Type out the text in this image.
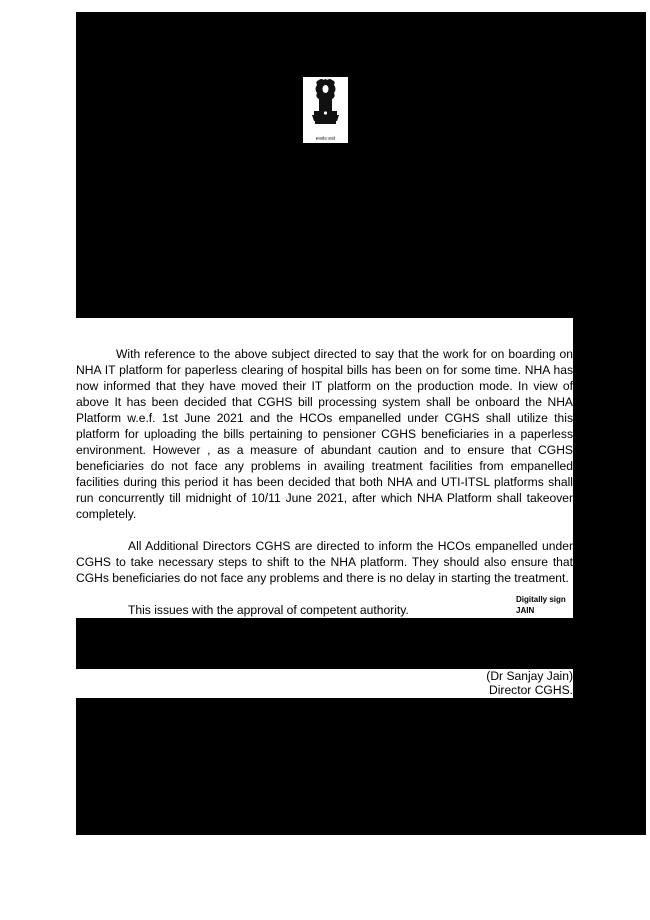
सत्यमेव जयते

With reference to the above subject directed to say that the work for on boarding on NHA IT platform for paperless clearing of hospital bills has been on for some time. NHA has now informed that they have moved their IT platform on the production mode. In view of above It has been decided that CGHS bill processing system shall be onboard the NHA Platform w.e.f. 1st June 2021 and the HCOs empanelled under CGHS shall utilize this platform for uploading the bills pertaining to pensioner CGHS beneficiaries in a paperless environment. However , as a measure of abundant caution and to ensure that CGHS beneficiaries do not face any problems in availing treatment facilities from empanelled facilities during this period it has been decided that both NHA and UTI-ITSL platforms shall run concurrently till midnight of 10/11 June 2021, after which NHA Platform shall takeover completely.

All Additional Directors CGHS are directed to inform the HCOs empanelled under CGHS to take necessary steps to shift to the NHA platform. They should also ensure that CGHs beneficiaries do not face any problems and there is no delay in starting the treatment.

This issues with the approval of competent authority.
Digitally sign
JAIN
(Dr Sanjay Jain)
Director CGHS.
